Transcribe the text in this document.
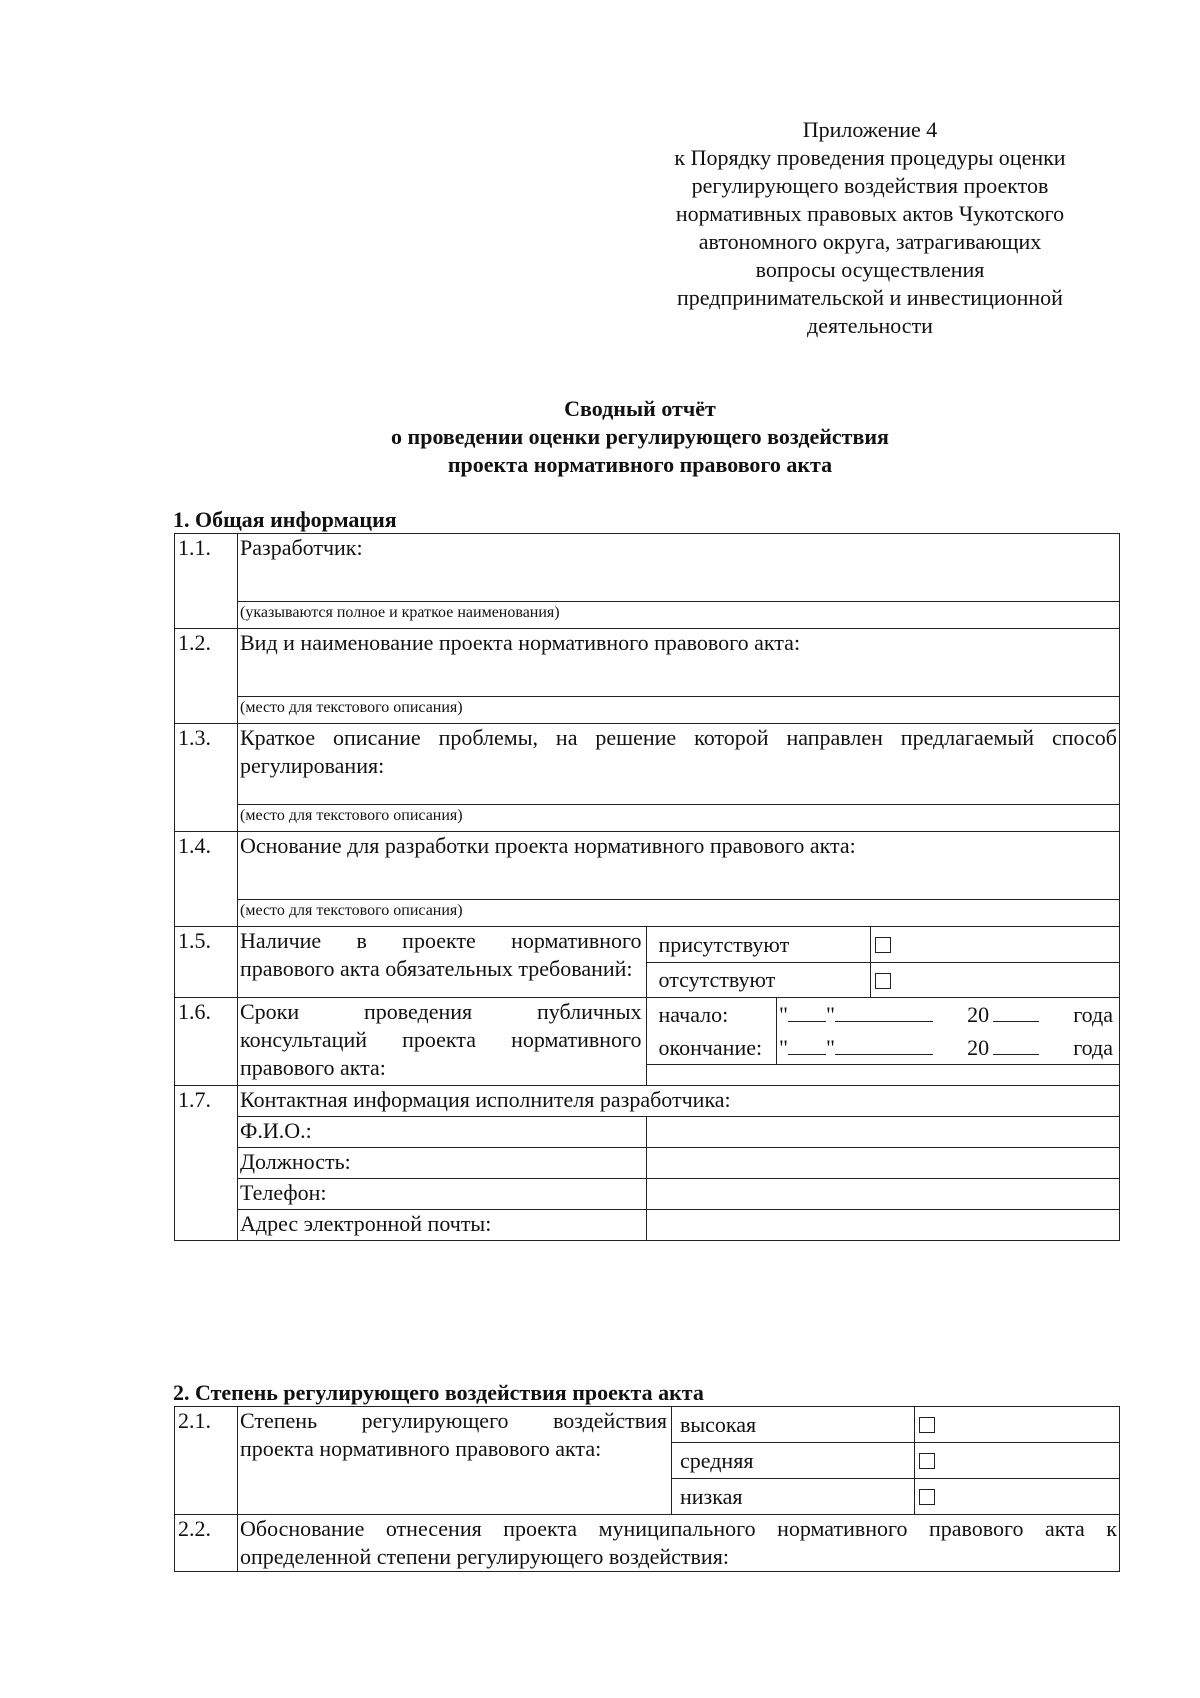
Приложение 4
к Порядку проведения процедуры оценки
регулирующего воздействия проектов
нормативных правовых актов Чукотского
автономного округа, затрагивающих
вопросы осуществления
предпринимательской и инвестиционной
деятельности
Сводный отчёт
о проведении оценки регулирующего воздействия
проекта нормативного правового акта
1. Общая информация
1.1.	Разработчик:
(указываются полное и краткое наименования)
1.2.	Вид и наименование проекта нормативного правового акта:
(место для текстового описания)
1.3.	Краткое описание проблемы, на решение которой направлен предлагаемый способ регулирования:
(место для текстового описания)
1.4.	Основание для разработки проекта нормативного правового акта:
(место для текстового описания)
1.5.	Наличие в проекте нормативного правового акта обязательных требований:	
присутствуют	
отсутствуют	

1.6.	Сроки проведения публичных консультаций проекта нормативного правового акта:	
начало:	" "	20	года

окончание:	" "	20	года

1.7.	Контактная информация исполнителя разработчика:
Ф.И.О.:	
Должность:	
Телефон:	
Адрес электронной почты:	
2. Степень регулирующего воздействия проекта акта
2.1.	Степень регулирующего воздействия проекта нормативного правового акта:	высокая	
		средняя	
		низкая	
2.2.	Обоснование отнесения проекта муниципального нормативного правового акта к определенной степени регулирующего воздействия:		
